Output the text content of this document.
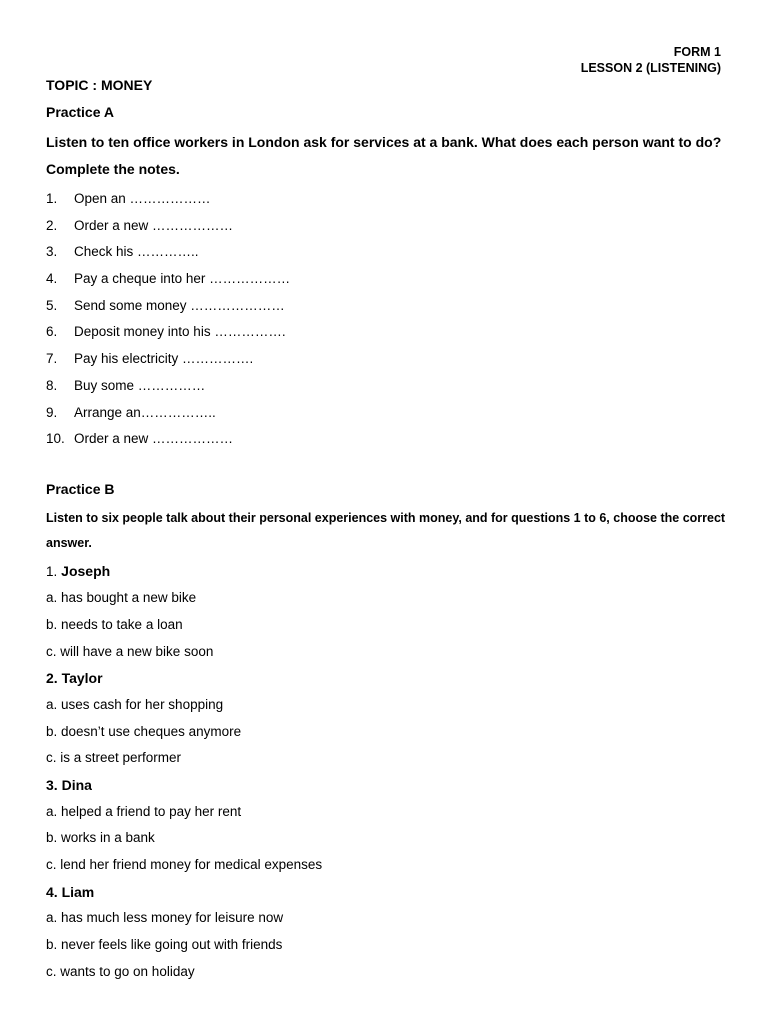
FORM 1
LESSON 2 (LISTENING)
TOPIC : MONEY
Practice A
Listen to ten office workers in London ask for services at a bank. What does each person want to do? Complete the notes.
1.	Open an ………………
2.	Order a new ………………
3.	Check his …………..
4.	Pay a cheque into her ………………
5.	Send some money …………………
6.	Deposit money into his …………….
7.	Pay his electricity …………….
8.	Buy some ……………
9.	Arrange an……………..
10. Order a new ………………
Practice B
Listen to six people talk about their personal experiences with money, and for questions 1 to 6, choose the correct answer.
1. Joseph
a. has bought a new bike
b. needs to take a loan
c. will have a new bike soon
2. Taylor
a. uses cash for her shopping
b. doesn’t use cheques anymore
c. is a street performer
3. Dina
a. helped a friend to pay her rent
b. works in a bank
c. lend her friend money for medical expenses
4. Liam
a. has much less money for leisure now
b. never feels like going out with friends
c. wants to go on holiday
